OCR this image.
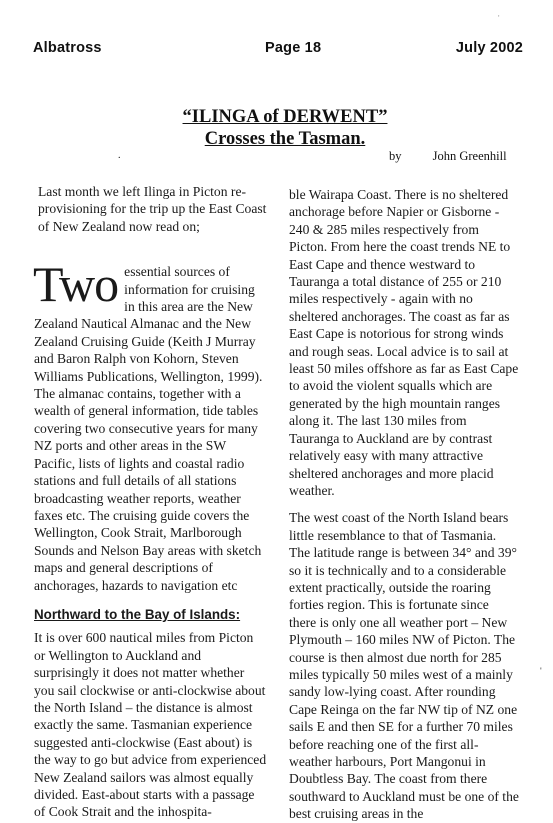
Albatross	Page 18	July 2002
“ILINGA of DERWENT”
Crosses the Tasman.
.	by John Greenhill

Last month we left Ilinga in Picton re-provisioning for the trip up the East Coast of New Zealand now read on;

Two essential sources of information for cruising in this area are the New Zealand Nautical Almanac and the New Zealand Cruising Guide (Keith J Murray and Baron Ralph von Kohorn, Steven Williams Publications, Wellington, 1999). The almanac contains, together with a wealth of general information, tide tables covering two consecutive years for many NZ ports and other areas in the SW Pacific, lists of lights and coastal radio stations and full details of all stations broadcasting weather reports, weather faxes etc. The cruising guide covers the Wellington, Cook Strait, Marlborough Sounds and Nelson Bay areas with sketch maps and general descriptions of anchorages, hazards to navigation etc

Northward to the Bay of Islands:

It is over 600 nautical miles from Picton or Wellington to Auckland and surprisingly it does not matter whether you sail clockwise or anti-clockwise about the North Island – the distance is almost exactly the same. Tasmanian experience suggested anti-clockwise (East about) is the way to go but advice from experienced New Zealand sailors was almost equally divided. East-about starts with a passage of Cook Strait and the inhospita-

ble Wairapa Coast. There is no sheltered anchorage before Napier or Gisborne - 240 & 285 miles respectively from Picton. From here the coast trends NE to East Cape and thence westward to Tauranga a total distance of 255 or 210 miles respectively - again with no sheltered anchorages. The coast as far as East Cape is notorious for strong winds and rough seas. Local advice is to sail at least 50 miles offshore as far as East Cape to avoid the violent squalls which are generated by the high mountain ranges along it. The last 130 miles from Tauranga to Auckland are by contrast relatively easy with many attractive sheltered anchorages and more placid weather.

The west coast of the North Island bears little resemblance to that of Tasmania. The latitude range is between 34° and 39° so it is technically and to a considerable extent practically, outside the roaring forties region. This is fortunate since there is only one all weather port – New Plymouth – 160 miles NW of Picton. The course is then almost due north for 285 miles typically 50 miles west of a mainly sandy low-lying coast. After rounding Cape Reinga on the far NW tip of NZ one sails E and then SE for a further 70 miles before reaching one of the first all-weather harbours, Port Mangonui in Doubtless Bay. The coast from there southward to Auckland must be one of the best cruising areas in the

'
'
